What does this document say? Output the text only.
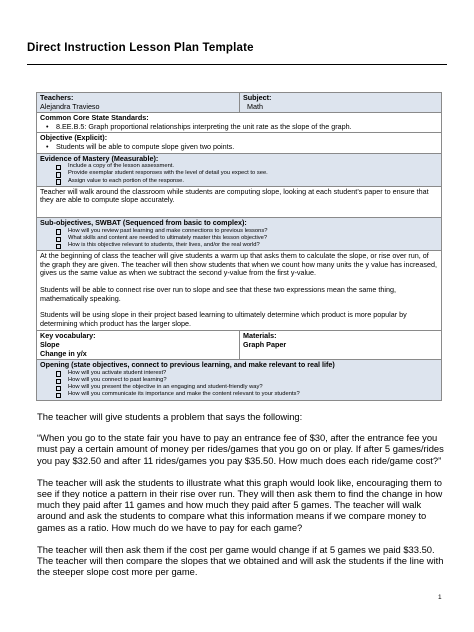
Direct Instruction Lesson Plan Template
Teachers:
Alejandra Travieso
Subject:
Math
Common Core State Standards:
• 8.EE.B.5: Graph proportional relationships interpreting the unit rate as the slope of the graph.
Objective (Explicit):
• Students will be able to compute slope given two points.
Evidence of Mastery (Measurable):
Include a copy of the lesson assessment.
Provide exemplar student responses with the level of detail you expect to see.
Assign value to each portion of the response.
Teacher will walk around the classroom while students are computing slope, looking at each student’s paper to ensure that they are able to compute slope accurately.
Sub-objectives, SWBAT (Sequenced from basic to complex):
How will you review past learning and make connections to previous lessons?
What skills and content are needed to ultimately master this lesson objective?
How is this objective relevant to students, their lives, and/or the real world?
At the beginning of class the teacher will give students a warm up that asks them to calculate the slope, or rise over run, of the graph they are given. The teacher will then show students that when we count how many units the y value has increased, gives us the same value as when we subtract the second y-value from the first y-value.
Students will be able to connect rise over run to slope and see that these two expressions mean the same thing, mathematically speaking.
Students will be using slope in their project based learning to ultimately determine which product is more popular by determining which product has the larger slope.
Key vocabulary:
Slope
Change in y/x
Materials:
Graph Paper
Opening (state objectives, connect to previous learning, and make relevant to real life)
How will you activate student interest?
How will you connect to past learning?
How will you present the objective in an engaging and student-friendly way?
How will you communicate its importance and make the content relevant to your students?

The teacher will give students a problem that says the following:

“When you go to the state fair you have to pay an entrance fee of $30, after the entrance fee you must pay a certain amount of money per rides/games that you go on or play. If after 5 games/rides you pay $32.50 and after 11 rides/games you pay $35.50. How much does each ride/game cost?”

The teacher will ask the students to illustrate what this graph would look like, encouraging them to see if they notice a pattern in their rise over run. They will then ask them to find the change in how much they paid after 11 games and how much they paid after 5 games. The teacher will walk around and ask the students to compare what this information means if we compare money to games as a ratio. How much do we have to pay for each game?

The teacher will then ask them if the cost per game would change if at 5 games we paid $33.50. The teacher will then compare the slopes that we obtained and will ask the students if the line with the steeper slope cost more per game.

1
